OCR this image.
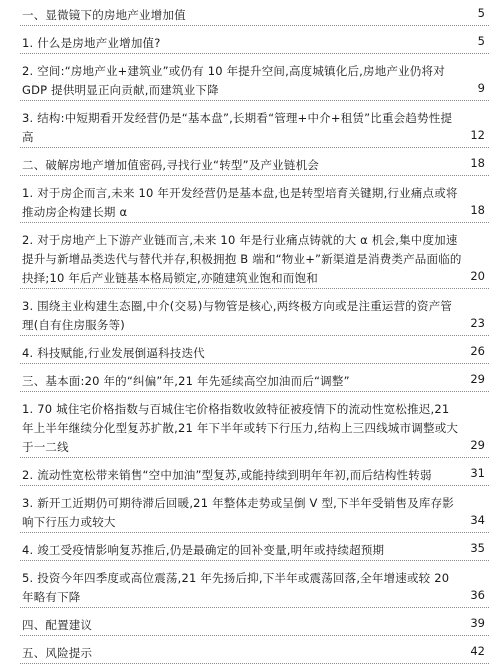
一、显微镜下的房地产业增加值	5
1. 什么是房地产业增加值?	5
2. 空间:“房地产业+建筑业”或仍有 10 年提升空间,高度城镇化后,房地产业仍将对 GDP 提供明显正向贡献,而建筑业下降	9
3. 结构:中短期看开发经营仍是“基本盘”,长期看“管理+中介+租赁”比重会趋势性提高	12
二、破解房地产增加值密码,寻找行业“转型”及产业链机会	18
1. 对于房企而言,未来 10 年开发经营仍是基本盘,也是转型培育关键期,行业痛点或将推动房企构建长期 α	18
2. 对于房地产上下游产业链而言,未来 10 年是行业痛点铸就的大 α 机会,集中度加速提升与新增品类迭代与替代并存,积极拥抱 B 端和“物业+”新渠道是消费类产品面临的抉择;10 年后产业链基本格局锁定,亦随建筑业饱和而饱和	20
3. 围绕主业构建生态圈,中介(交易)与物管是核心,两终极方向或是注重运营的资产管理(自有住房服务等)	23
4. 科技赋能,行业发展倒逼科技迭代	26
三、基本面:20 年的“纠偏”年,21 年先延续高空加油而后“调整”	29
1. 70 城住宅价格指数与百城住宅价格指数收敛特征被疫情下的流动性宽松推迟,21 年上半年继续分化型复苏扩散,21 年下半年或转下行压力,结构上三四线城市调整或大于一二线	29
2. 流动性宽松带来销售“空中加油”型复苏,或能持续到明年年初,而后结构性转弱	31
3. 新开工近期仍可期待滞后回暖,21 年整体走势或呈倒 V 型,下半年受销售及库存影响下行压力或较大	34
4. 竣工受疫情影响复苏推后,仍是最确定的回补变量,明年或持续超预期	35
5. 投资今年四季度或高位震荡,21 年先扬后抑,下半年或震荡回落,全年增速或较 20 年略有下降	36
四、配置建议	39
五、风险提示	42
